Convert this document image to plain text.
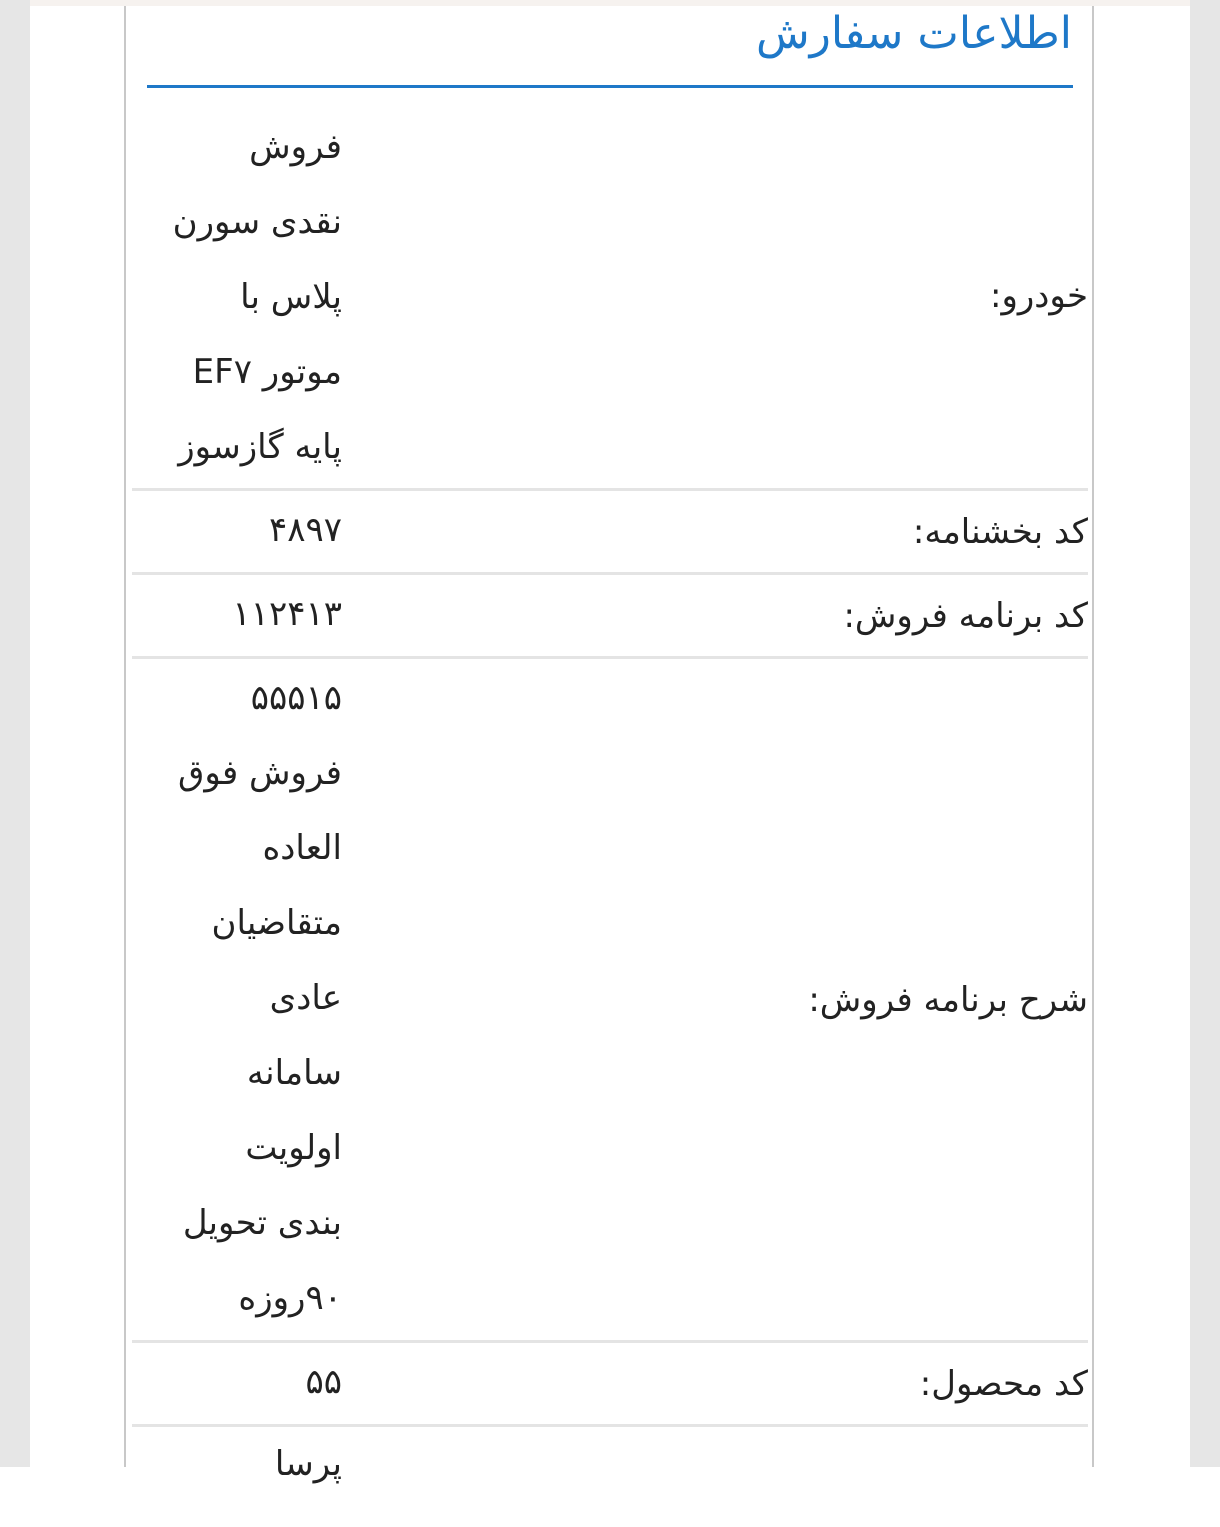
اطلاعات سفارش
خودرو:
فروش
نقدی سورن
پلاس با
موتور EF۷
پایه گازسوز
کد بخشنامه:
۴۸۹۷
کد برنامه فروش:
۱۱۲۴۱۳
شرح برنامه فروش:
۵۵۵۱۵
فروش فوق
العاده
متقاضیان
عادی
سامانه
اولویت
بندی تحویل
۹۰روزه
کد محصول:
۵۵
پرسا
